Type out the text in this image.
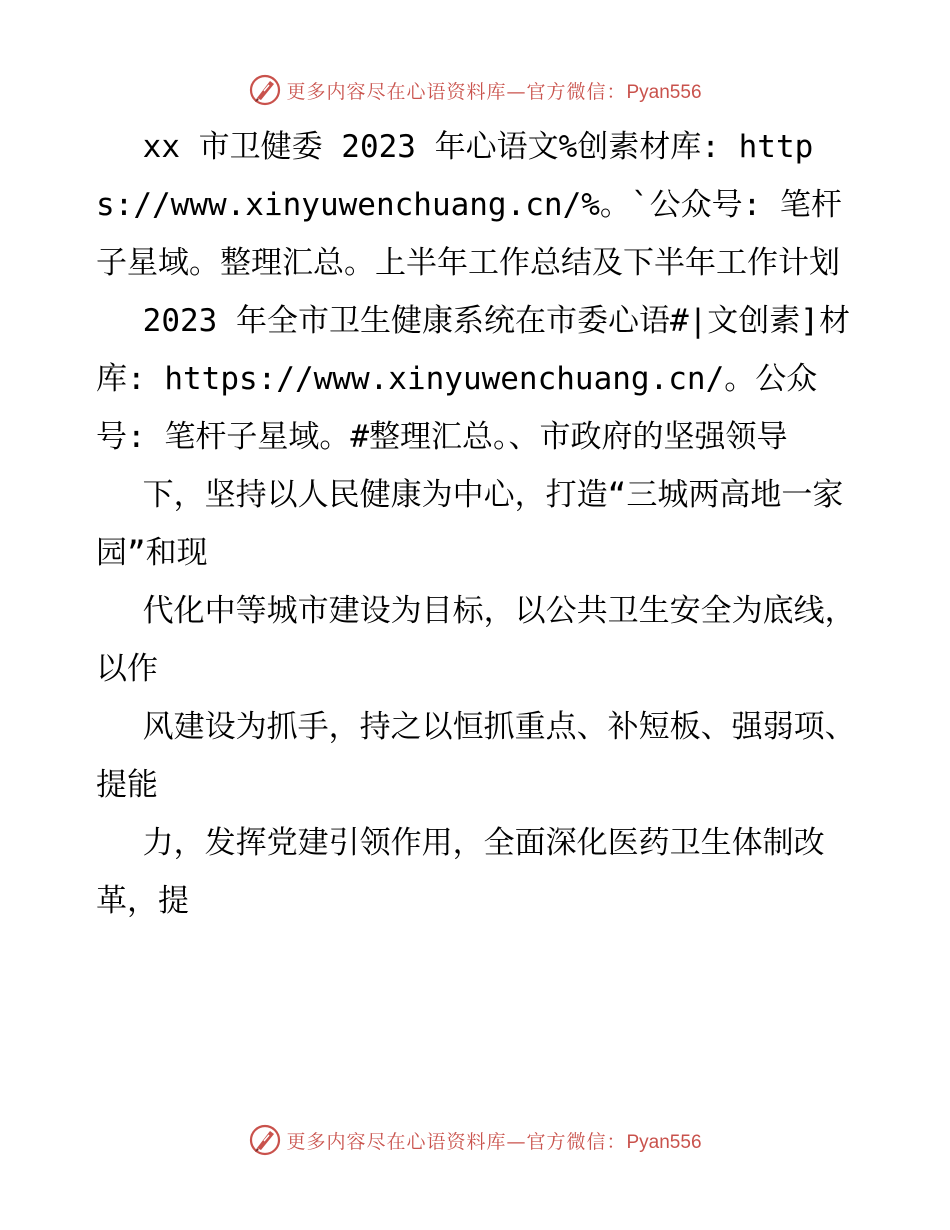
更多内容尽在心语资料库—官方微信：Pyan556

xx 市卫健委 2023 年心语文%创素材库: https://www.xinyuwenchuang.cn/%。`公众号: 笔杆子星域。整理汇总。上半年工作总结及下半年工作计划

2023 年全市卫生健康系统在市委心语#|文创素]材库: https://www.xinyuwenchuang.cn/。公众号: 笔杆子星域。#整理汇总。、市政府的坚强领导

下，坚持以人民健康为中心，打造“三城两高地一家园”和现

代化中等城市建设为目标，以公共卫生安全为底线，以作

风建设为抓手，持之以恒抓重点、补短板、强弱项、提能

力，发挥党建引领作用，全面深化医药卫生体制改革，提

更多内容尽在心语资料库—官方微信：Pyan556
